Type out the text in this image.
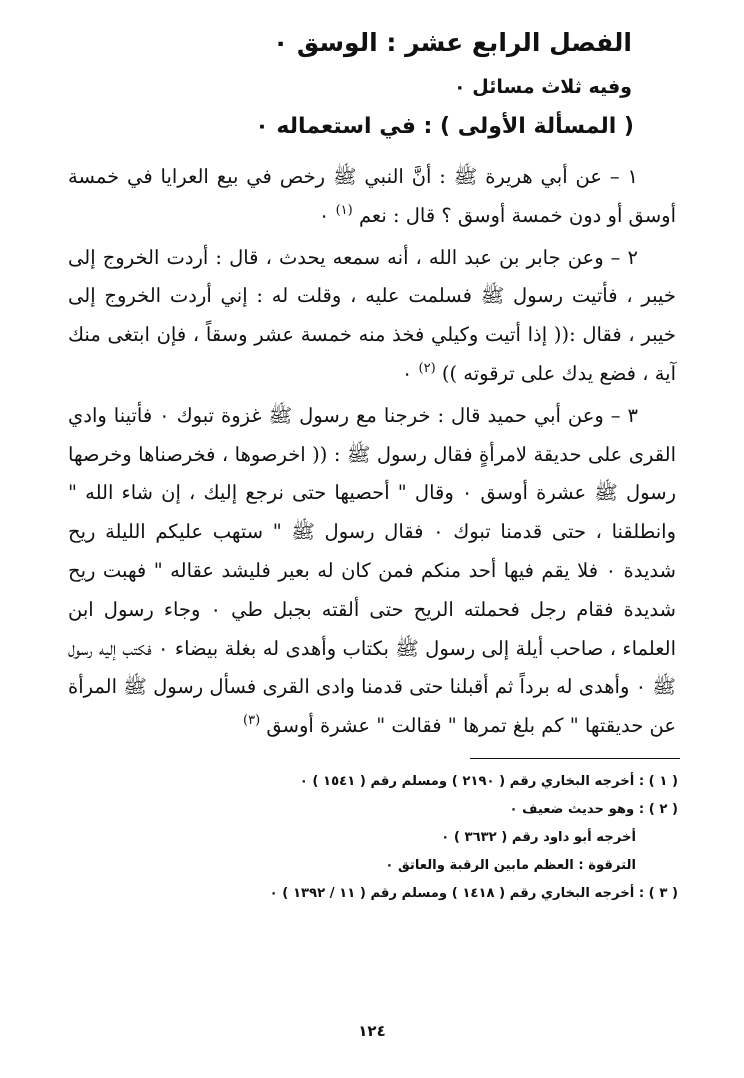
الفصل الرابع عشر : الوسق ٠
وفيه ثلاث مسائل ٠
( المسألة الأولى ) : في استعماله ٠

١ – عن أبي هريرة ﷺ : أنَّ النبي ﷺ رخص في بيع العرايا في خمسة أوسق أو دون خمسة أوسق ؟ قال : نعم $^{(١)}$ ٠

٢ – وعن جابر بن عبد الله ، أنه سمعه يحدث ، قال : أردت الخروج إلى خيبر ، فأتيت رسول ﷺ فسلمت عليه ، وقلت له : إني أردت الخروج إلى خيبر ، فقال :(( إذا أتيت وكيلي فخذ منه خمسة عشر وسقاً ، فإن ابتغى منك آية ، فضع يدك على ترقوته )) $^{(٢)}$ ٠

٣ – وعن أبي حميد قال : خرجنا مع رسول ﷺ غزوة تبوك ٠ فأتينا وادي القرى على حديقة لامرأةٍ فقال رسول ﷺ : (( اخرصوها ، فخرصناها وخرصها رسول ﷺ عشرة أوسق ٠ وقال " أحصيها حتى نرجع إليك ، إن شاء الله " وانطلقنا ، حتى قدمنا تبوك ٠ فقال رسول ﷺ " ستهب عليكم الليلة ريح شديدة ٠ فلا يقم فيها أحد منكم فمن كان له بعير فليشد عقاله " فهبت ريح شديدة فقام رجل فحملته الريح حتى ألقته بجبل طي ٠ وجاء رسول ابن العلماء ، صاحب أيلة إلى رسول ﷺ بكتاب وأهدى له بغلة بيضاء ٠ فكتب إليه رسول ﷺ ٠ وأهدى له برداً ثم أقبلنا حتى قدمنا وادى القرى فسأل رسول ﷺ المرأة عن حديقتها " كم بلغ تمرها " فقالت " عشرة أوسق $^{(٣)}$

( ١ ) : أخرجه البخاري رقم ( ٢١٩٠ ) ومسلم رقم ( ١٥٤١ ) ٠
( ٢ ) : وهو حديث ضعيف ٠
أخرجه أبو داود رقم ( ٣٦٣٢ ) ٠
الترقوة : العظم مابين الرقبة والعاتق ٠
( ٣ ) : أخرجه البخاري رقم ( ١٤١٨ ) ومسلم رقم ( ١١ / ١٣٩٢ ) ٠
١٢٤
